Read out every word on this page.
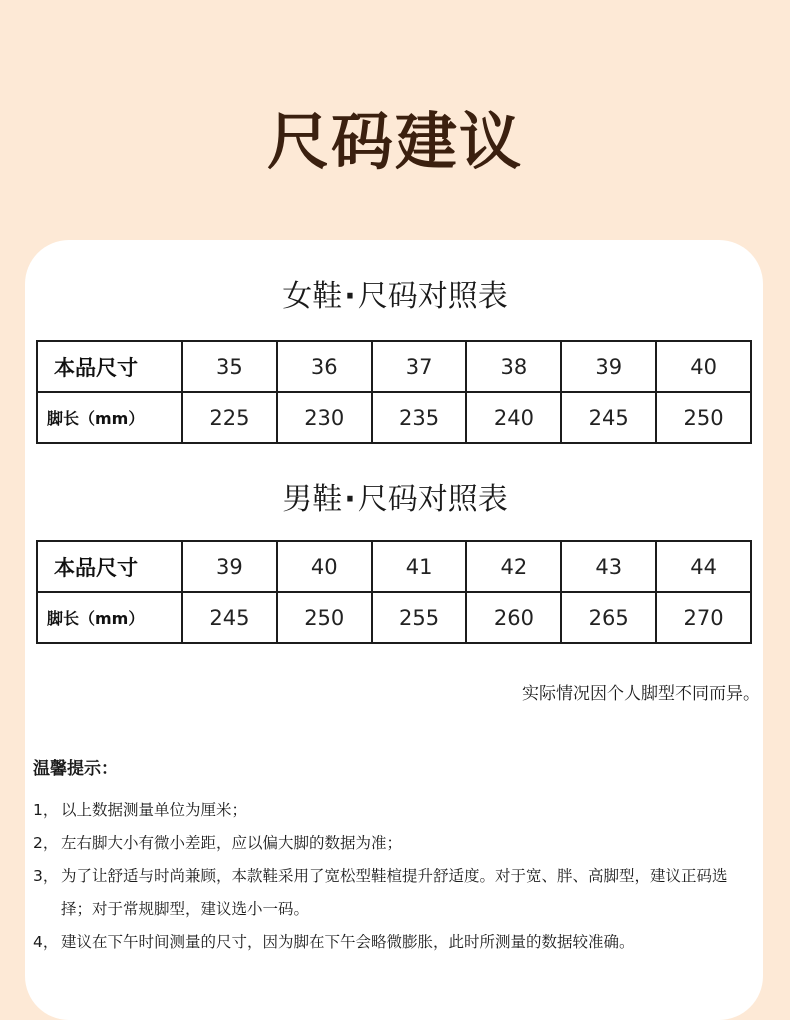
尺码建议
女鞋·尺码对照表
本品尺寸	35	36	37	38	39	40
脚长（mm）	225	230	235	240	245	250
男鞋·尺码对照表
本品尺寸	39	40	41	42	43	44
脚长（mm）	245	250	255	260	265	270
实际情况因个人脚型不同而异。
温馨提示：
1， 以上数据测量单位为厘米；
2， 左右脚大小有微小差距，应以偏大脚的数据为准；
3， 为了让舒适与时尚兼顾，本款鞋采用了宽松型鞋楦提升舒适度。对于宽、胖、高脚型，建议正码选择；对于常规脚型，建议选小一码。
4， 建议在下午时间测量的尺寸，因为脚在下午会略微膨胀，此时所测量的数据较准确。
